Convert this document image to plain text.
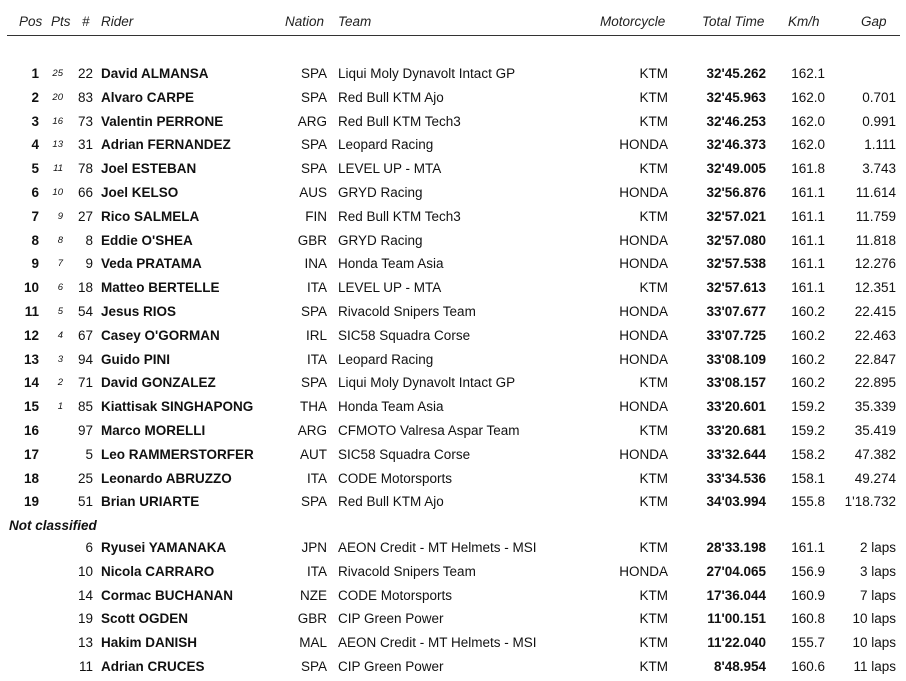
Pos Pts # Rider	Nation Team	Motorcycle	Total Time Km/h	Gap
1	25	22 David ALMANSA	SPA Liqui Moly Dynavolt Intact GP	KTM	32'45.262	162.1
2	20	83 Alvaro CARPE	SPA Red Bull KTM Ajo	KTM	32'45.963	162.0	0.701
3	16	73 Valentin PERRONE	ARG Red Bull KTM Tech3	KTM	32'46.253	162.0	0.991
4	13	31 Adrian FERNANDEZ	SPA Leopard Racing	HONDA	32'46.373	162.0	1.111
5	11	78 Joel ESTEBAN	SPA LEVEL UP - MTA	KTM	32'49.005	161.8	3.743
6	10	66 Joel KELSO	AUS GRYD Racing	HONDA	32'56.876	161.1	11.614
7	9	27 Rico SALMELA	FIN Red Bull KTM Tech3	KTM	32'57.021	161.1	11.759
8	8	8 Eddie O'SHEA	GBR GRYD Racing	HONDA	32'57.080	161.1	11.818
9	7	9 Veda PRATAMA	INA Honda Team Asia	HONDA	32'57.538	161.1	12.276
10	6	18 Matteo BERTELLE	ITA LEVEL UP - MTA	KTM	32'57.613	161.1	12.351
11	5	54 Jesus RIOS	SPA Rivacold Snipers Team	HONDA	33'07.677	160.2	22.415
12	4	67 Casey O'GORMAN	IRL SIC58 Squadra Corse	HONDA	33'07.725	160.2	22.463
13	3	94 Guido PINI	ITA Leopard Racing	HONDA	33'08.109	160.2	22.847
14	2	71 David GONZALEZ	SPA Liqui Moly Dynavolt Intact GP	KTM	33'08.157	160.2	22.895
15	1	85 Kiattisak SINGHAPONG	THA Honda Team Asia	HONDA	33'20.601	159.2	35.339
16	97 Marco MORELLI	ARG CFMOTO Valresa Aspar Team	KTM	33'20.681	159.2	35.419
17	5 Leo RAMMERSTORFER	AUT SIC58 Squadra Corse	HONDA	33'32.644	158.2	47.382
18	25 Leonardo ABRUZZO	ITA CODE Motorsports	KTM	33'34.536	158.1	49.274
19	51 Brian URIARTE	SPA Red Bull KTM Ajo	KTM	34'03.994	155.8	1'18.732
Not classified
6 Ryusei YAMANAKA	JPN AEON Credit - MT Helmets - MSI	KTM	28'33.198	161.1	2 laps
10 Nicola CARRARO	ITA Rivacold Snipers Team	HONDA	27'04.065	156.9	3 laps
14 Cormac BUCHANAN	NZE CODE Motorsports	KTM	17'36.044	160.9	7 laps
19 Scott OGDEN	GBR CIP Green Power	KTM	11'00.151	160.8	10 laps
13 Hakim DANISH	MAL AEON Credit - MT Helmets - MSI	KTM	11'22.040	155.7	10 laps
11 Adrian CRUCES	SPA CIP Green Power	KTM	8'48.954	160.6	11 laps
